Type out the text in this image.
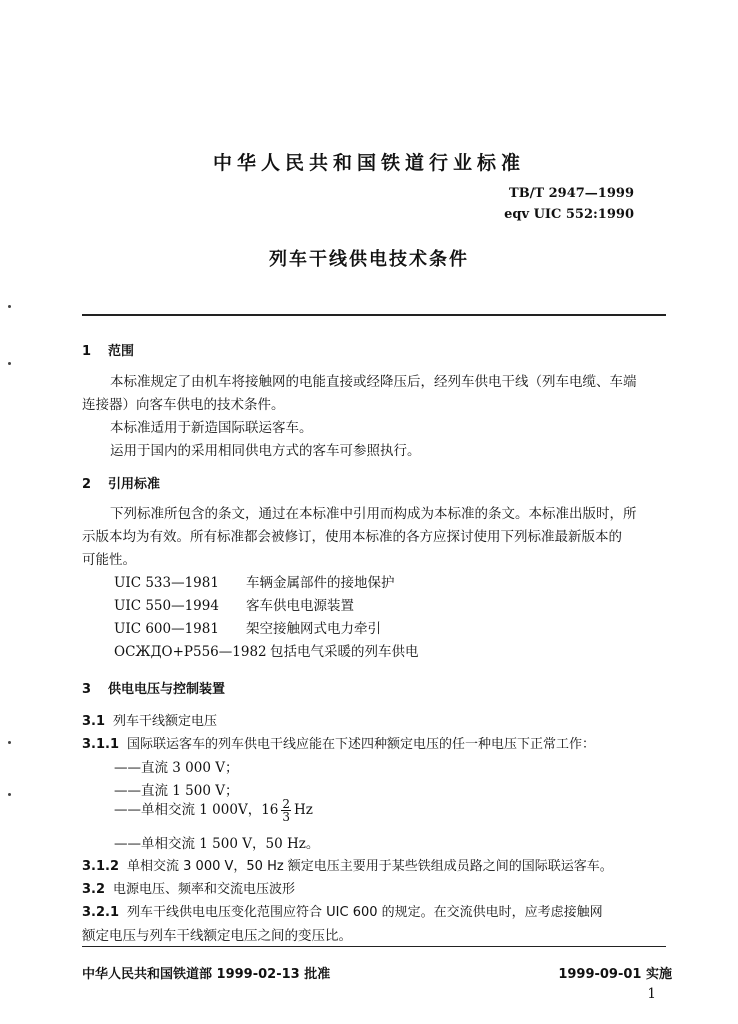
中华人民共和国铁道行业标准
TB/T 2947—1999
eqv UIC 552:1990
列车干线供电技术条件
1 范围
本标准规定了由机车将接触网的电能直接或经降压后，经列车供电干线（列车电缆、车端
连接器）向客车供电的技术条件。
本标准适用于新造国际联运客车。
运用于国内的采用相同供电方式的客车可参照执行。
2 引用标准
下列标准所包含的条文，通过在本标准中引用而构成为本标准的条文。本标准出版时，所
示版本均为有效。所有标准都会被修订，使用本标准的各方应探讨使用下列标准最新版本的
可能性。
UIC 533—1981 车辆金属部件的接地保护
UIC 550—1994 客车供电电源装置
UIC 600—1981 架空接触网式电力牵引
ОСЖДО+Р556—1982 包括电气采暖的列车供电
3 供电电压与控制装置
3.1 列车干线额定电压
3.1.1 国际联运客车的列车供电干线应能在下述四种额定电压的任一种电压下正常工作：
——直流 3 000 V；
——直流 1 500 V；
——单相交流 1 000V，$16 \frac{2}{3}$ Hz
——单相交流 1 500 V，50 Hz。
3.1.2 单相交流 3 000 V，50 Hz 额定电压主要用于某些铁组成员路之间的国际联运客车。
3.2 电源电压、频率和交流电压波形
3.2.1 列车干线供电电压变化范围应符合 UIC 600 的规定。在交流供电时，应考虑接触网
额定电压与列车干线额定电压之间的变压比。
中华人民共和国铁道部 1999-02-13 批准	1999-09-01 实施
1
